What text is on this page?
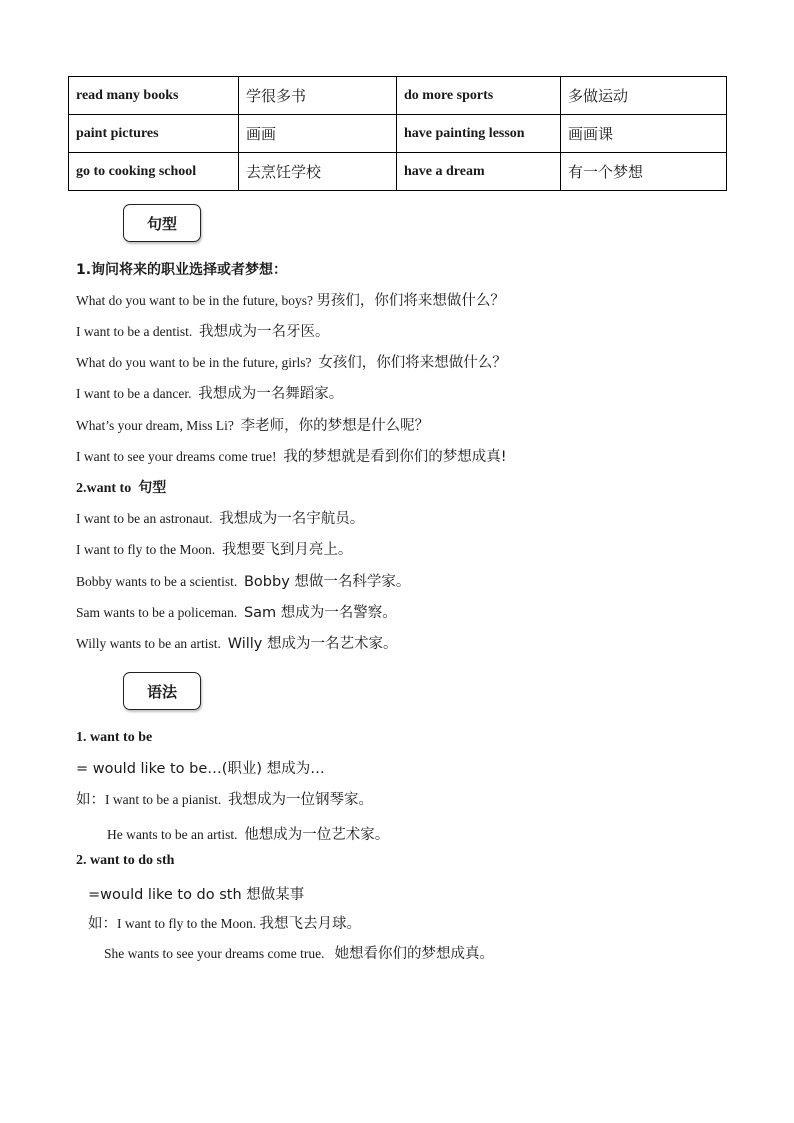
read many books	学很多书	do more sports	多做运动
paint pictures	画画	have painting lesson	画画课
go to cooking school	去烹饪学校	have a dream	有一个梦想
句型
1.询问将来的职业选择或者梦想：
What do you want to be in the future, boys? 男孩们，你们将来想做什么？
I want to be a dentist. 我想成为一名牙医。
What do you want to be in the future, girls? 女孩们，你们将来想做什么？
I want to be a dancer. 我想成为一名舞蹈家。
What’s your dream, Miss Li? 李老师，你的梦想是什么呢？
I want to see your dreams come true! 我的梦想就是看到你们的梦想成真!
2.want to 句型
I want to be an astronaut. 我想成为一名宇航员。
I want to fly to the Moon. 我想要飞到月亮上。
Bobby wants to be a scientist. Bobby 想做一名科学家。
Sam wants to be a policeman. Sam 想成为一名警察。
Willy wants to be an artist. Willy 想成为一名艺术家。
语法
1. want to be
= would like to be…(职业) 想成为…
如：I want to be a pianist. 我想成为一位钢琴家。
He wants to be an artist. 他想成为一位艺术家。
2. want to do sth
=would like to do sth 想做某事
如：I want to fly to the Moon. 我想飞去月球。
She wants to see your dreams come true. 她想看你们的梦想成真。
